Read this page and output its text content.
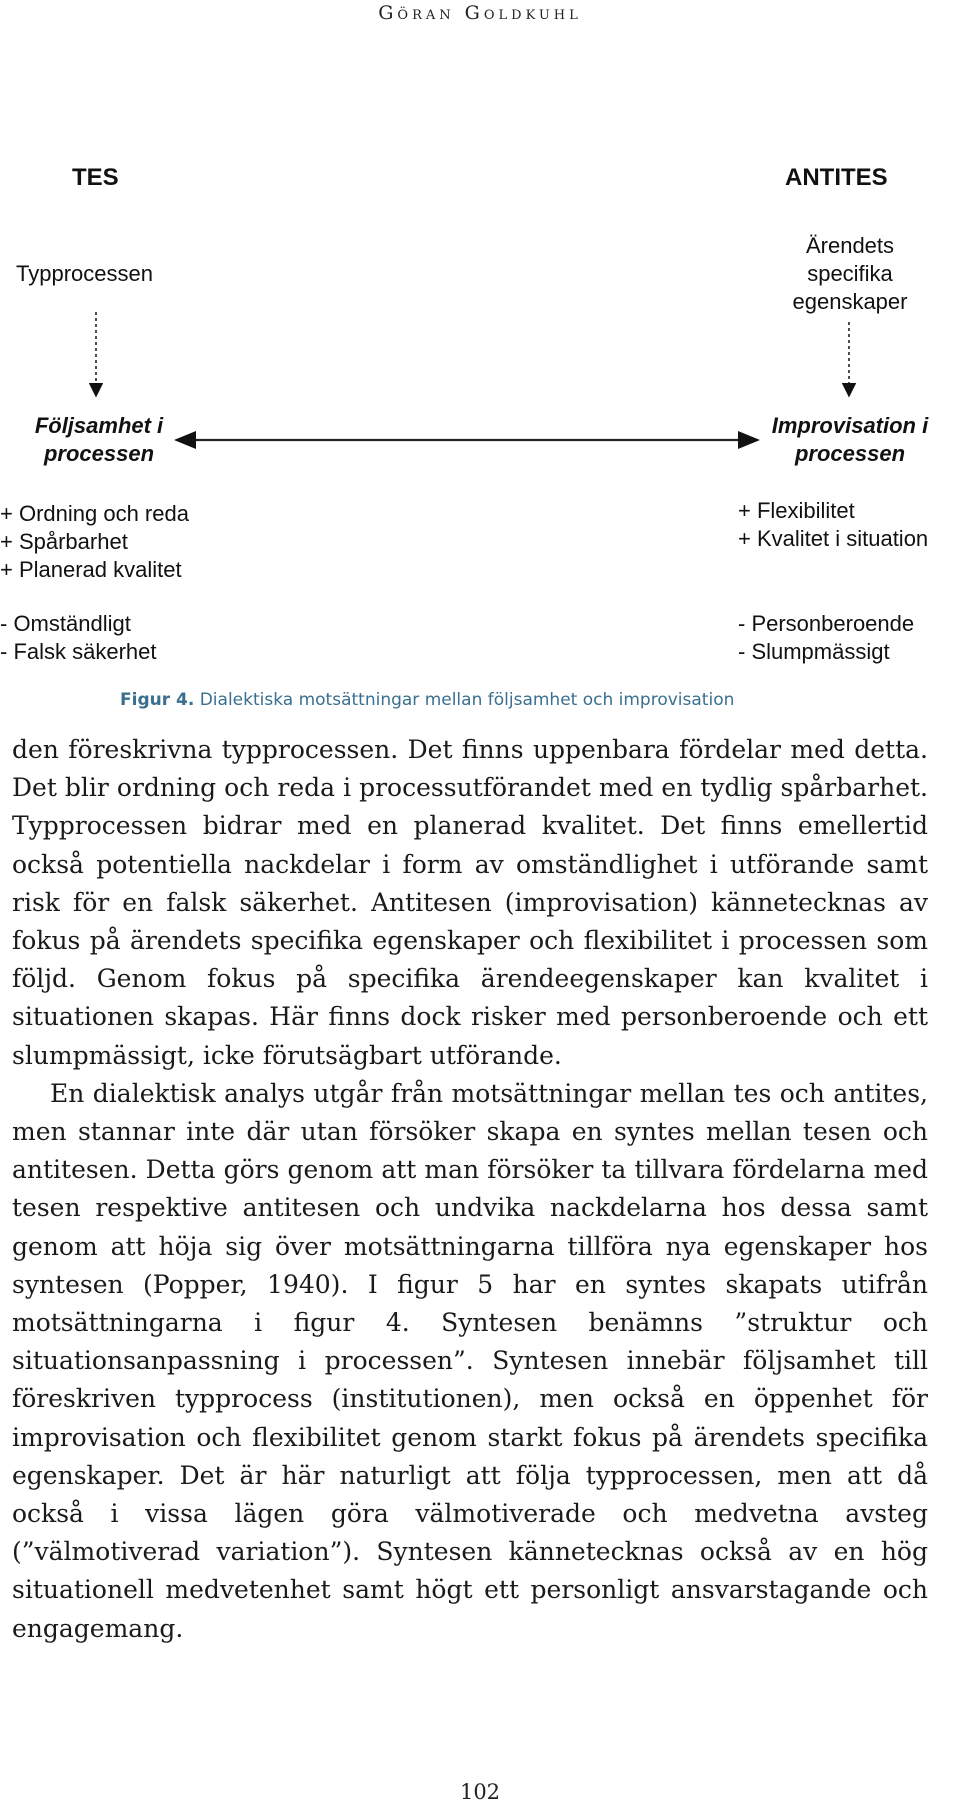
Göran Goldkuhl
TES	ANTITES
Typprocessen
Ärendets specifika egenskaper
Följsamhet i processen
Improvisation i processen
+ Ordning och reda
+ Spårbarhet
+ Planerad kvalitet
- Omständligt
- Falsk säkerhet
+ Flexibilitet
+ Kvalitet i situation
- Personberoende
- Slumpmässigt
Figur 4. Dialektiska motsättningar mellan följsamhet och improvisation

den föreskrivna typprocessen. Det finns uppenbara fördelar med detta. Det blir ordning och reda i processutförandet med en tydlig spårbarhet. Typprocessen bidrar med en planerad kvalitet. Det finns emellertid också potentiella nackdelar i form av omständlighet i utförande samt risk för en falsk säkerhet. Antitesen (improvisation) kännetecknas av fokus på ärendets specifika egenskaper och flexibilitet i processen som följd. Genom fokus på specifika ärendeegenskaper kan kvalitet i situationen skapas. Här finns dock risker med personberoende och ett slumpmässigt, icke förutsägbart utförande.

En dialektisk analys utgår från motsättningar mellan tes och antites, men stannar inte där utan försöker skapa en syntes mellan tesen och antitesen. Detta görs genom att man försöker ta tillvara fördelarna med tesen respektive antitesen och undvika nackdelarna hos dessa samt genom att höja sig över motsättningarna tillföra nya egenskaper hos syntesen (Popper, 1940). I figur 5 har en syntes skapats utifrån motsättningarna i figur 4. Syntesen benämns ”struktur och situationsanpassning i processen”. Syntesen innebär följsamhet till föreskriven typprocess (institutionen), men också en öppenhet för improvisation och flexibilitet genom starkt fokus på ärendets specifika egenskaper. Det är här naturligt att följa typprocessen, men att då också i vissa lägen göra välmotiverade och medvetna avsteg (”välmotiverad variation”). Syntesen kännetecknas också av en hög situationell medvetenhet samt högt ett personligt ansvarstagande och engagemang.

102
